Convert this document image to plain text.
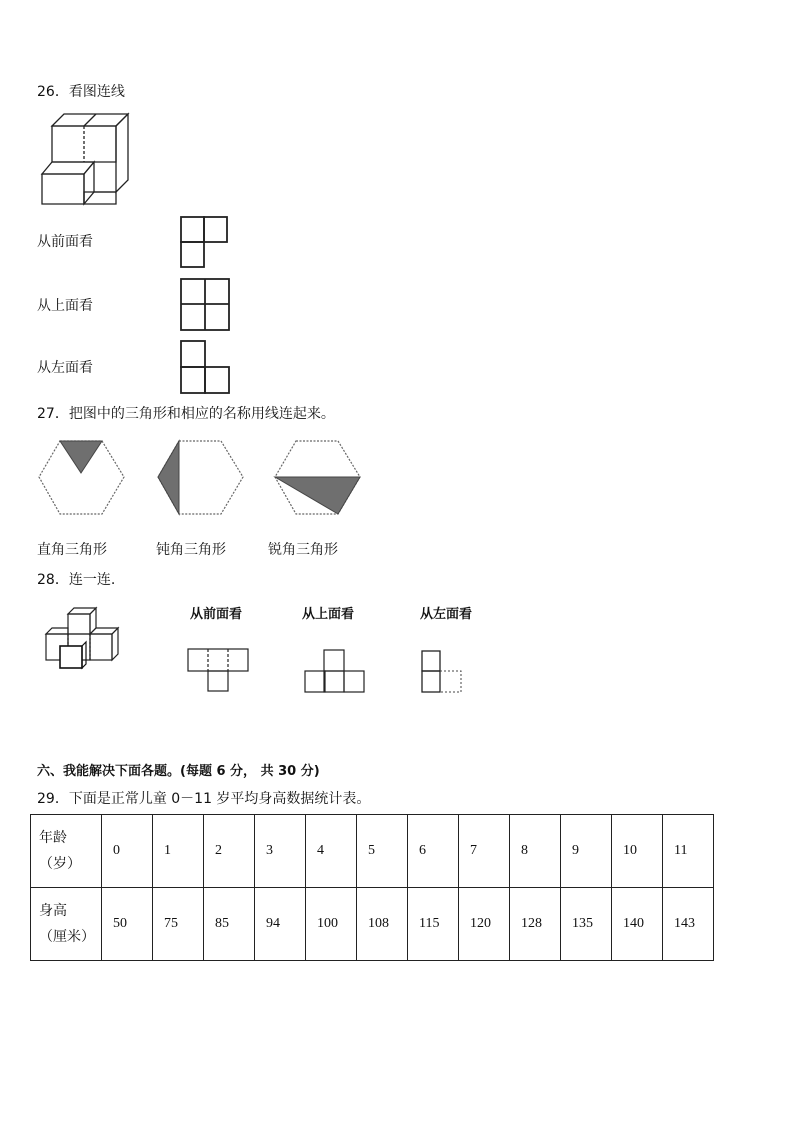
26．看图连线
从前面看
从上面看
从左面看
27．把图中的三角形和相应的名称用线连起来。
直角三角形	钝角三角形	锐角三角形
28．连一连.
从前面看	从上面看	从左面看
六、我能解决下面各题。(每题 6 分， 共 30 分)
29．下面是正常儿童 0－11 岁平均身高数据统计表。
年龄
（岁）	0	1	2	3	4	5	6	7	8	9	10	11

身高
（厘米）	50	75	85	94	100	108	115	120	128	135	140	143
